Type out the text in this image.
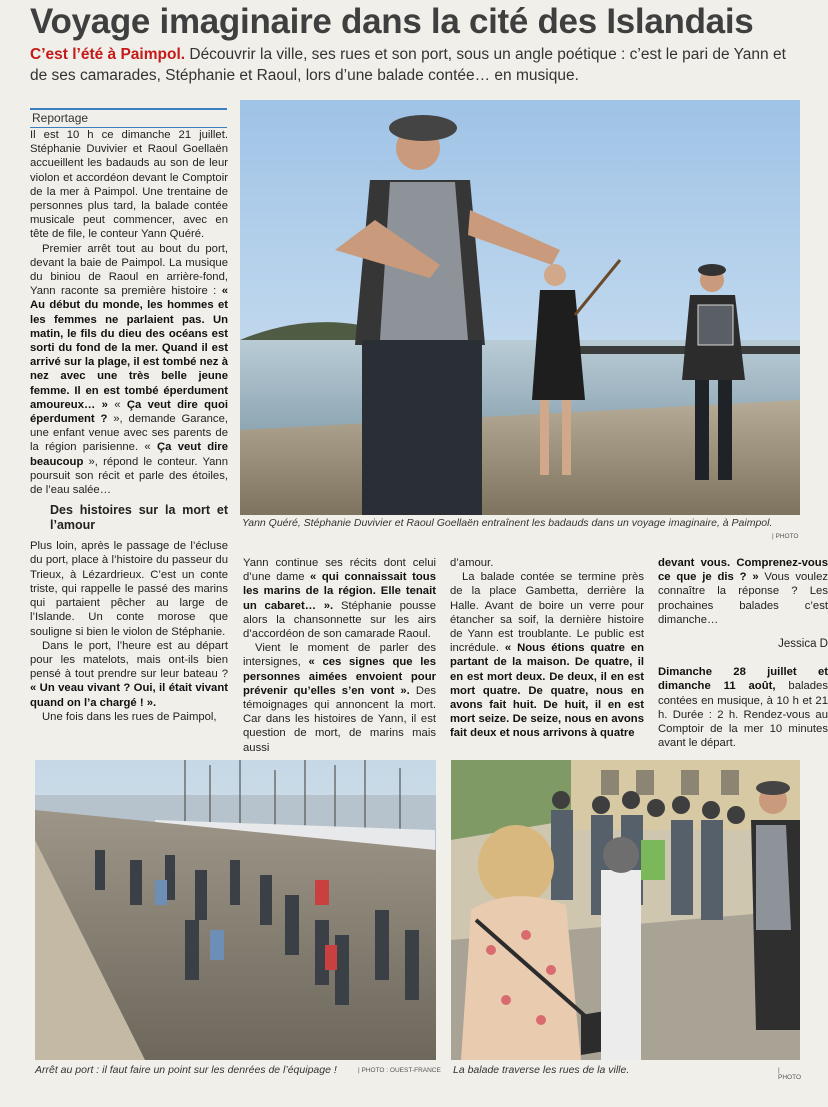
Voyage imaginaire dans la cité des Islandais
C’est l’été à Paimpol. Découvrir la ville, ses rues et son port, sous un angle poétique : c’est le pari de Yann et de ses camarades, Stéphanie et Raoul, lors d’une balade contée… en musique.
Reportage

Il est 10 h ce dimanche 21 juillet. Stéphanie Duvivier et Raoul Goellaën accueillent les badauds au son de leur violon et accordéon devant le Comptoir de la mer à Paimpol. Une trentaine de personnes plus tard, la balade contée musicale peut commencer, avec en tête de file, le conteur Yann Quéré.

Premier arrêt tout au bout du port, devant la baie de Paimpol. La musique du biniou de Raoul en arrière-fond, Yann raconte sa première histoire : « Au début du monde, les hommes et les femmes ne parlaient pas. Un matin, le fils du dieu des océans est sorti du fond de la mer. Quand il est arrivé sur la plage, il est tombé nez à nez avec une très belle jeune femme. Il en est tombé éperdument amoureux… » « Ça veut dire quoi éperdument ? », demande Garance, une enfant venue avec ses parents de la région parisienne. « Ça veut dire beaucoup », répond le conteur. Yann poursuit son récit et parle des étoiles, de l’eau salée…

Des histoires sur la mort et l’amour

Plus loin, après le passage de l’écluse du port, place à l’histoire du passeur du Trieux, à Lézardrieux. C’est un conte triste, qui rappelle le passé des marins qui partaient pêcher au large de l’Islande. Un conte morose que souligne si bien le violon de Stéphanie.

Dans le port, l’heure est au départ pour les matelots, mais ont-ils bien pensé à tout prendre sur leur bateau ? « Un veau vivant ? Oui, il était vivant quand on l’a chargé ! ».

Une fois dans les rues de Paimpol,

Yann Quéré, Stéphanie Duvivier et Raoul Goellaën entraînent les badauds dans un voyage imaginaire, à Paimpol.
| PHOTO

Yann continue ses récits dont celui d’une dame « qui connaissait tous les marins de la région. Elle tenait un cabaret… ». Stéphanie pousse alors la chansonnette sur les airs d’accordéon de son camarade Raoul.

Vient le moment de parler des intersignes, « ces signes que les personnes aimées envoient pour prévenir qu’elles s’en vont ». Des témoignages qui annoncent la mort. Car dans les histoires de Yann, il est question de mort, de marins mais aussi

d’amour.

La balade contée se termine près de la place Gambetta, derrière la Halle. Avant de boire un verre pour étancher sa soif, la dernière histoire de Yann est troublante. Le public est incrédule. « Nous étions quatre en partant de la maison. De quatre, il en est mort deux. De deux, il en est mort quatre. De quatre, nous en avons fait huit. De huit, il en est mort seize. De seize, nous en avons fait deux et nous arrivons à quatre

devant vous. Comprenez-vous ce que je dis ? » Vous voulez connaître la réponse ? Les prochaines balades c’est dimanche…

Jessica D

Dimanche 28 juillet et dimanche 11 août, balades contées en musique, à 10 h et 21 h. Durée : 2 h. Rendez-vous au Comptoir de la mer 10 minutes avant le départ.

Arrêt au port : il faut faire un point sur les denrées de l’équipage !	| PHOTO : OUEST-FRANCE La balade traverse les rues de la ville.	| PHOTO
